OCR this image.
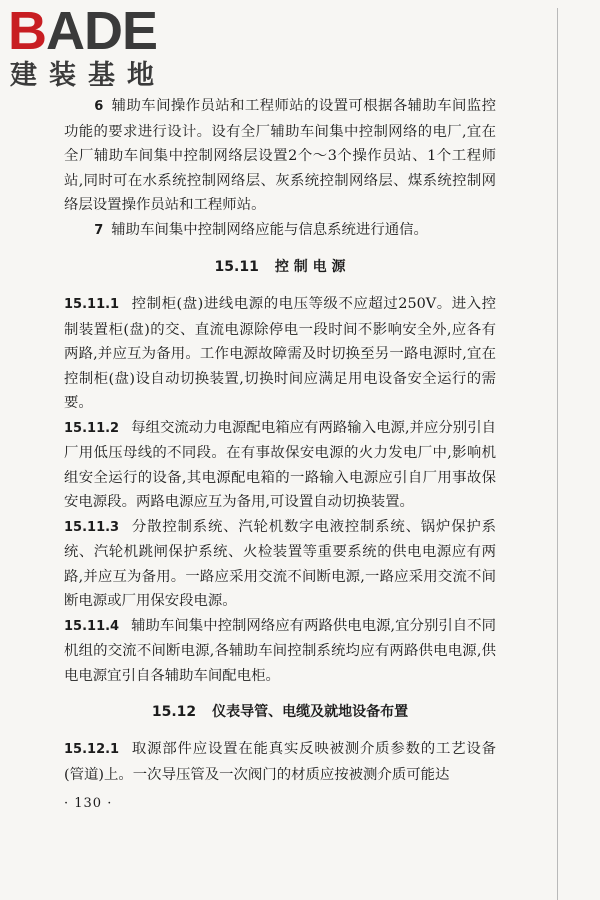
BADE
建装基地

6 辅助车间操作员站和工程师站的设置可根据各辅助车间监控功能的要求进行设计。设有全厂辅助车间集中控制网络的电厂,宜在全厂辅助车间集中控制网络层设置2个～3个操作员站、1个工程师站,同时可在水系统控制网络层、灰系统控制网络层、煤系统控制网络层设置操作员站和工程师站。

7 辅助车间集中控制网络应能与信息系统进行通信。

15.11 控 制 电 源

15.11.1 控制柜(盘)进线电源的电压等级不应超过250V。进入控制装置柜(盘)的交、直流电源除停电一段时间不影响安全外,应各有两路,并应互为备用。工作电源故障需及时切换至另一路电源时,宜在控制柜(盘)设自动切换装置,切换时间应满足用电设备安全运行的需要。

15.11.2 每组交流动力电源配电箱应有两路输入电源,并应分别引自厂用低压母线的不同段。在有事故保安电源的火力发电厂中,影响机组安全运行的设备,其电源配电箱的一路输入电源应引自厂用事故保安电源段。两路电源应互为备用,可设置自动切换装置。

15.11.3 分散控制系统、汽轮机数字电液控制系统、锅炉保护系统、汽轮机跳闸保护系统、火检装置等重要系统的供电电源应有两路,并应互为备用。一路应采用交流不间断电源,一路应采用交流不间断电源或厂用保安段电源。

15.11.4 辅助车间集中控制网络应有两路供电电源,宜分别引自不同机组的交流不间断电源,各辅助车间控制系统均应有两路供电电源,供电电源宜引自各辅助车间配电柜。

15.12 仪表导管、电缆及就地设备布置

15.12.1 取源部件应设置在能真实反映被测介质参数的工艺设备(管道)上。一次导压管及一次阀门的材质应按被测介质可能达

· 130 ·
